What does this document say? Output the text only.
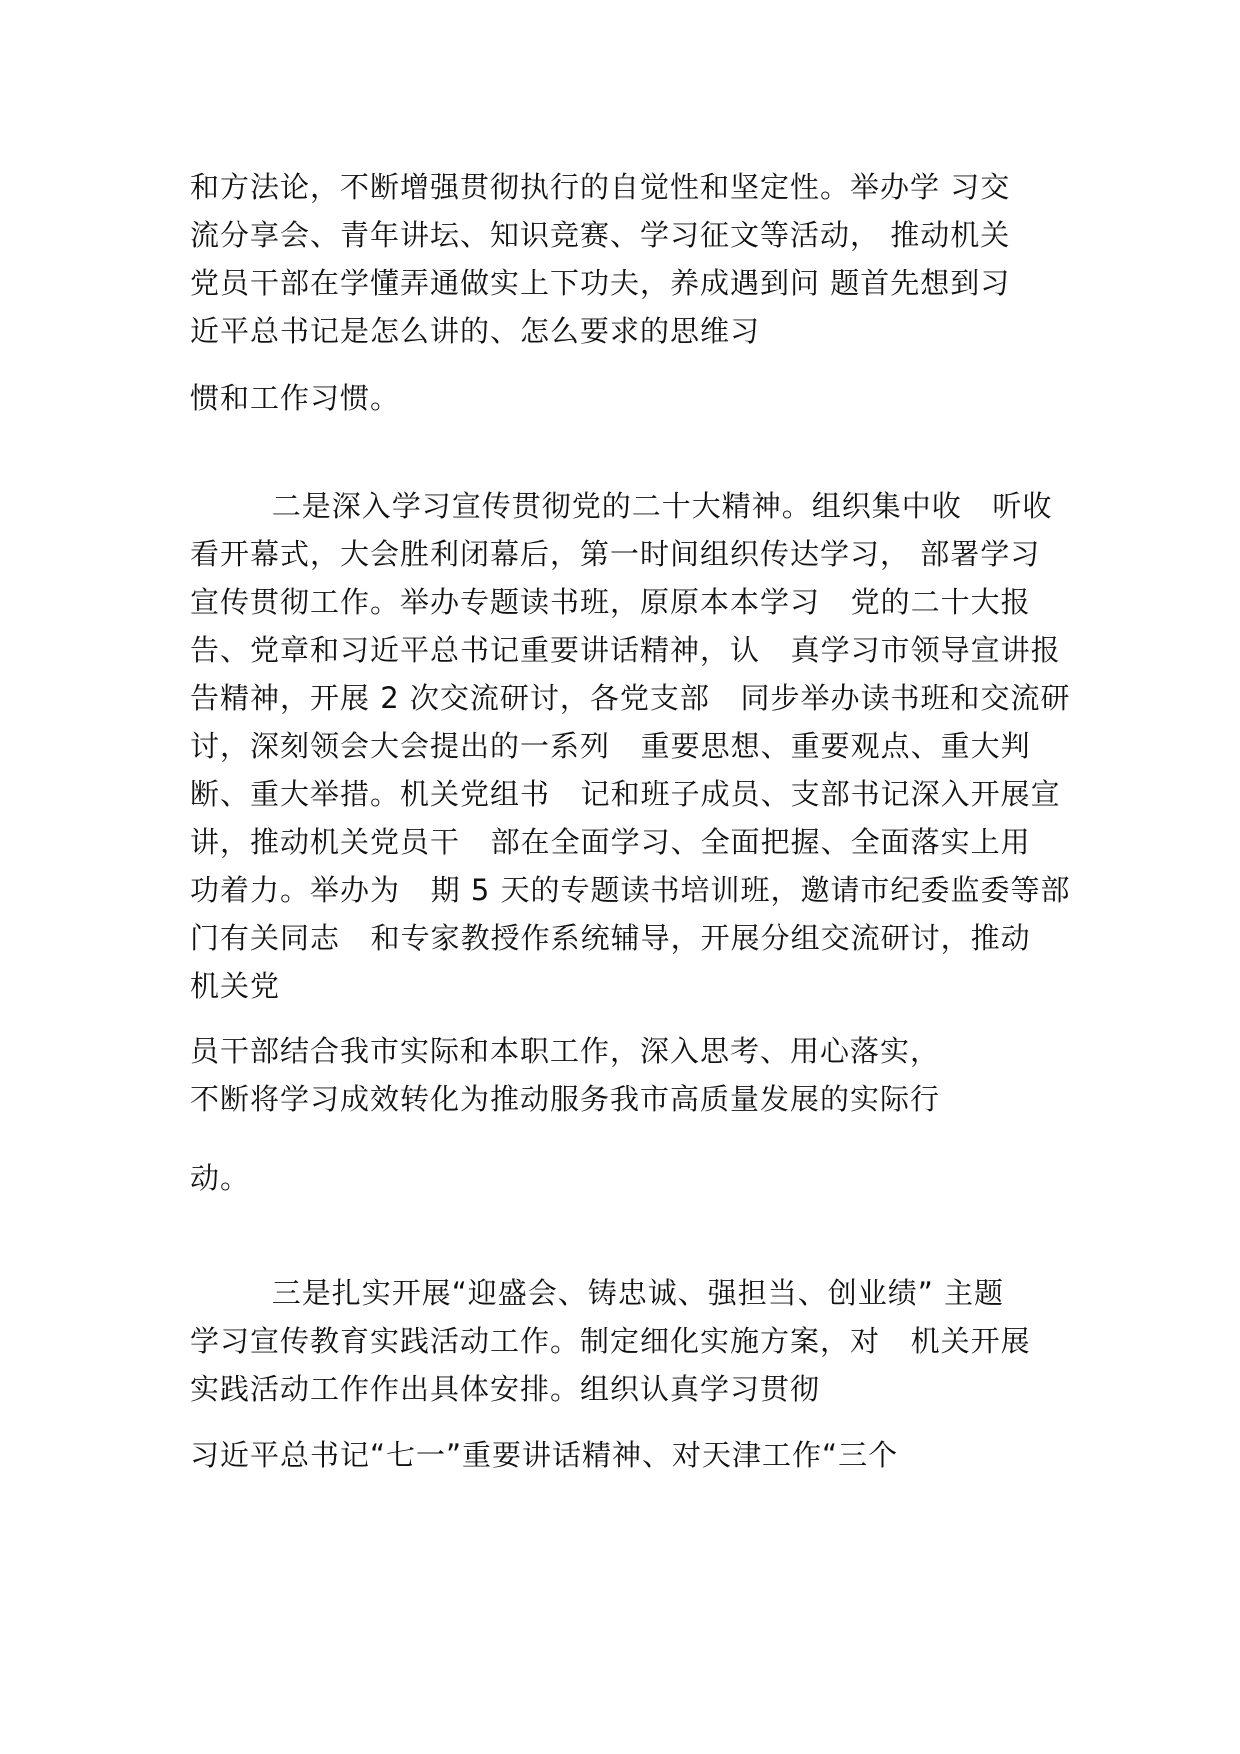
和方法论，不断增强贯彻执行的自觉性和坚定性。举办学 习交
流分享会、青年讲坛、知识竞赛、学习征文等活动， 推动机关
党员干部在学懂弄通做实上下功夫，养成遇到问 题首先想到习
近平总书记是怎么讲的、怎么要求的思维习
惯和工作习惯。
二是深入学习宣传贯彻党的二十大精神。组织集中收   听收
看开幕式，大会胜利闭幕后，第一时间组织传达学习， 部署学习
宣传贯彻工作。举办专题读书班，原原本本学习   党的二十大报
告、党章和习近平总书记重要讲话精神，认   真学习市领导宣讲报
告精神，开展 2 次交流研讨，各党支部   同步举办读书班和交流研
讨，深刻领会大会提出的一系列   重要思想、重要观点、重大判
断、重大举措。机关党组书   记和班子成员、支部书记深入开展宣
讲，推动机关党员干   部在全面学习、全面把握、全面落实上用
功着力。举办为   期 5 天的专题读书培训班，邀请市纪委监委等部
门有关同志   和专家教授作系统辅导，开展分组交流研讨，推动
机关党
员干部结合我市实际和本职工作，深入思考、用心落实，
不断将学习成效转化为推动服务我市高质量发展的实际行
动。
三是扎实开展“迎盛会、铸忠诚、强担当、创业绩” 主题
学习宣传教育实践活动工作。制定细化实施方案，对   机关开展
实践活动工作作出具体安排。组织认真学习贯彻
习近平总书记“七一”重要讲话精神、对天津工作“三个
